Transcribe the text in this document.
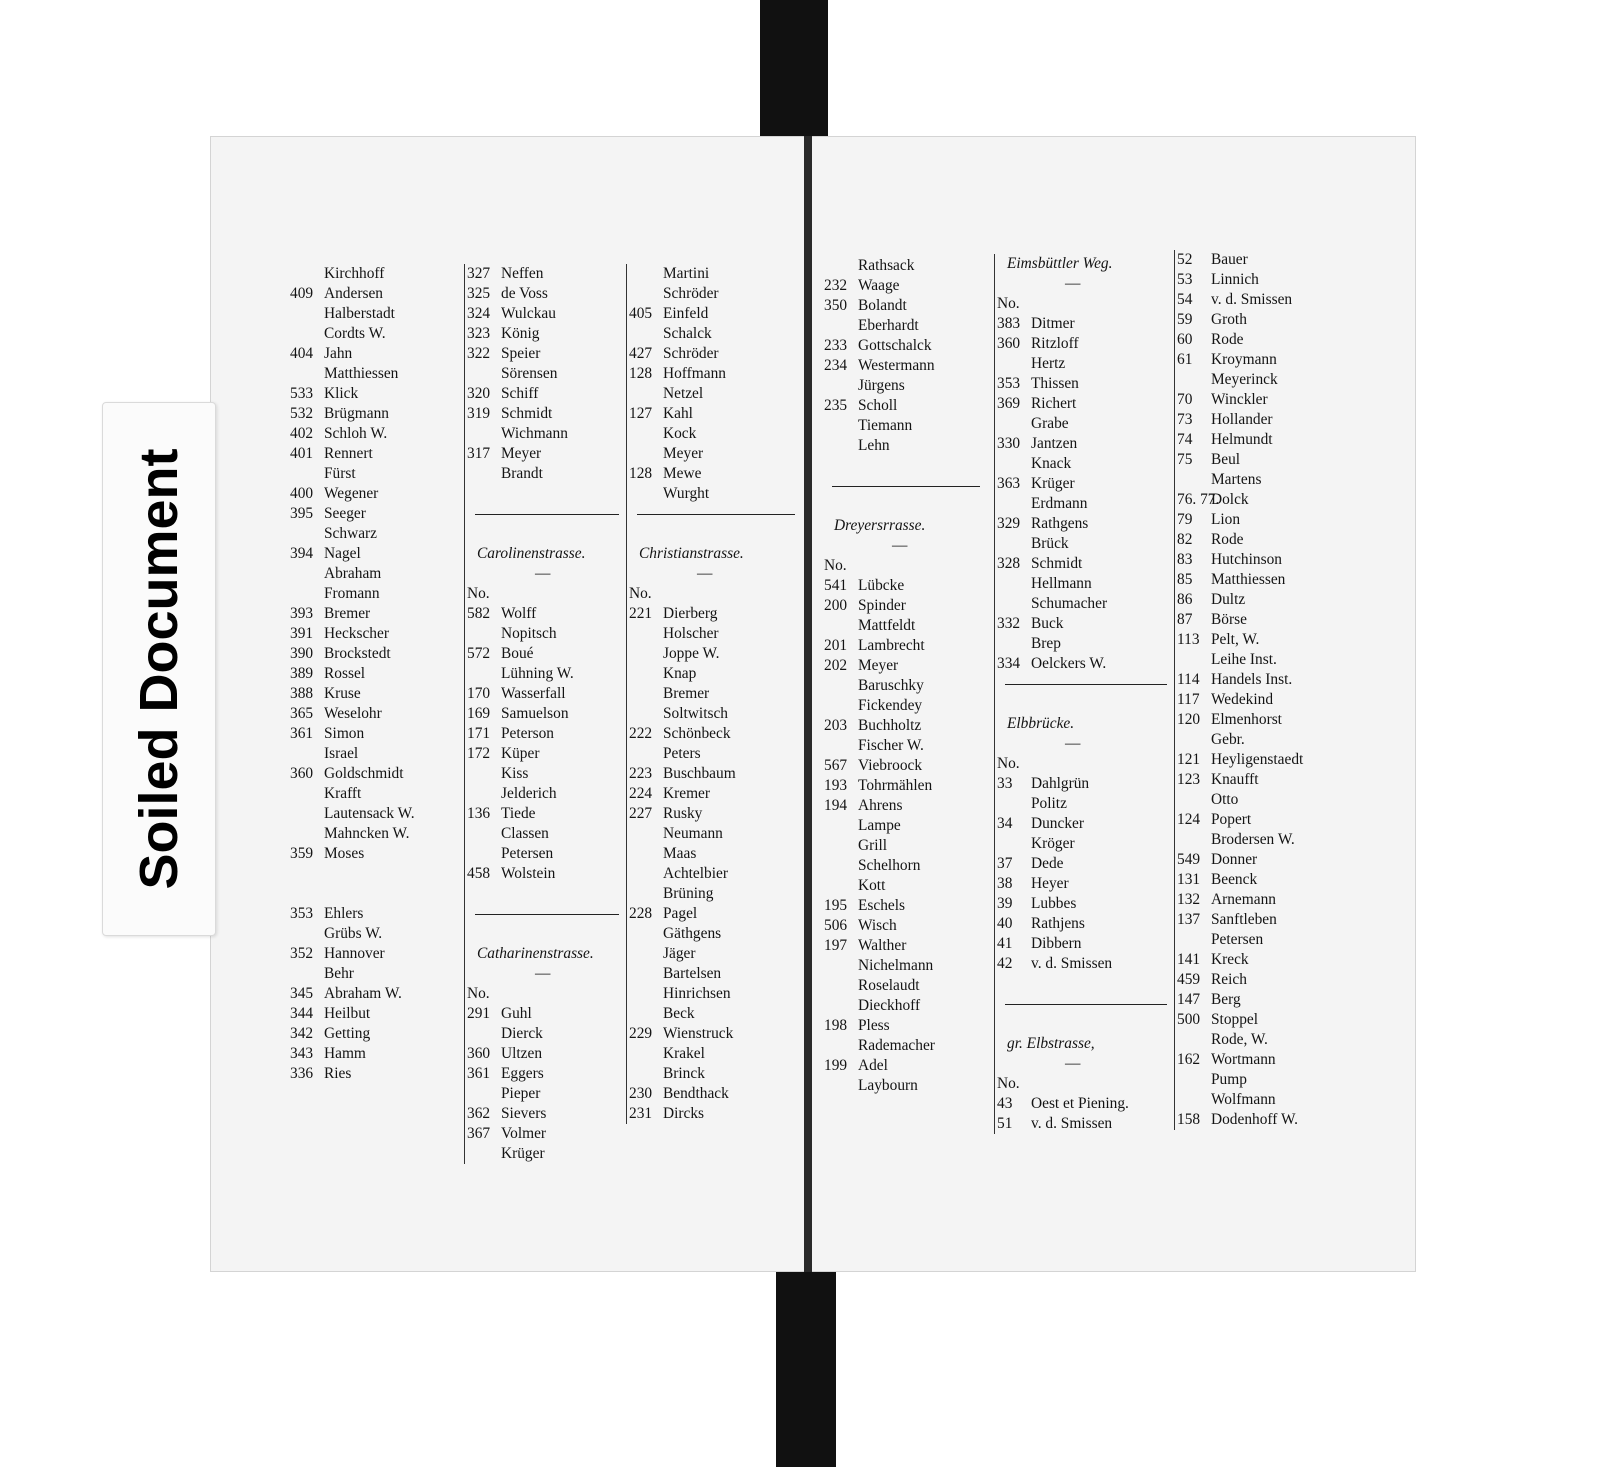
Kirchhoff
409 Andersen
Halberstadt
Cordts W.
404 Jahn
Matthiessen
533 Klick
532 Brügmann
402 Schloh W.
401 Rennert
Fürst
400 Wegener
395 Seeger
Schwarz
394 Nagel
Abraham
Fromann
393 Bremer
391 Heckscher
390 Brockstedt
389 Rossel
388 Kruse
365 Weselohr
361 Simon
Israel
360 Goldschmidt
Krafft
Lautensack W.
Mahncken W.
359 Moses
353 Ehlers
Grübs W.
352 Hannover
Behr
345 Abraham W.
344 Heilbut
342 Getting
343 Hamm
336 Ries
327 Neffen
325 de Voss
324 Wulckau
323 König
322 Speier
Sörensen
320 Schiff
319 Schmidt
Wichmann
317 Meyer
Brandt
Carolinenstrasse.
—
No.
582 Wolff
Nopitsch
572 Boué
Lühning W.
170 Wasserfall
169 Samuelson
171 Peterson
172 Küper
Kiss
Jelderich
136 Tiede
Classen
Petersen
458 Wolstein
Catharinenstrasse.
—
No.
291 Guhl
Dierck
360 Ultzen
361 Eggers
Pieper
362 Sievers
367 Volmer
Krüger
Martini
Schröder
405 Einfeld
Schalck
427 Schröder
128 Hoffmann
Netzel
127 Kahl
Kock
Meyer
128 Mewe
Wurght
Christianstrasse.
—
No.
221 Dierberg
Holscher
Joppe W.
Knap
Bremer
Soltwitsch
222 Schönbeck
Peters
223 Buschbaum
224 Kremer
227 Rusky
Neumann
Maas
Achtelbier
Brüning
228 Pagel
Gäthgens
Jäger
Bartelsen
Hinrichsen
Beck
229 Wienstruck
Krakel
Brinck
230 Bendthack
231 Dircks
Rathsack
232 Waage
350 Bolandt
Eberhardt
233 Gottschalck
234 Westermann
Jürgens
235 Scholl
Tiemann
Lehn
Dreyersrrasse.
—
No.
541 Lübcke
200 Spinder
Mattfeldt
201 Lambrecht
202 Meyer
Baruschky
Fickendey
203 Buchholtz
Fischer W.
567 Viebroock
193 Tohrmählen
194 Ahrens
Lampe
Grill
Schelhorn
Kott
195 Eschels
506 Wisch
197 Walther
Nichelmann
Roselaudt
Dieckhoff
198 Pless
Rademacher
199 Adel
Laybourn
Eimsbüttler Weg.
—
No.
383 Ditmer
360 Ritzloff
Hertz
353 Thissen
369 Richert
Grabe
330 Jantzen
Knack
363 Krüger
Erdmann
329 Rathgens
Brück
328 Schmidt
Hellmann
Schumacher
332 Buck
Brep
334 Oelckers W.
Elbbrücke.
—
No.
33 Dahlgrün
Politz
34 Duncker
Kröger
37 Dede
38 Heyer
39 Lubbes
40 Rathjens
41 Dibbern
42 v. d. Smissen
gr. Elbstrasse,
—
No.
43 Oest et Piening.
51 v. d. Smissen
52 Bauer
53 Linnich
54 v. d. Smissen
59 Groth
60 Rode
61 Kroymann
Meyerinck
70 Winckler
73 Hollander
74 Helmundt
75 Beul
Martens
76. 77.Dolck
79 Lion
82 Rode
83 Hutchinson
85 Matthiessen
86 Dultz
87 Börse
113 Pelt, W.
Leihe Inst.
114 Handels Inst.
117 Wedekind
120 Elmenhorst
Gebr.
121 Heyligenstaedt
123 Knaufft
Otto
124 Popert
Brodersen W.
549 Donner
131 Beenck
132 Arnemann
137 Sanftleben
Petersen
141 Kreck
459 Reich
147 Berg
500 Stoppel
Rode, W.
162 Wortmann
Pump
Wolfmann
158 Dodenhoff W.
Soiled Document
